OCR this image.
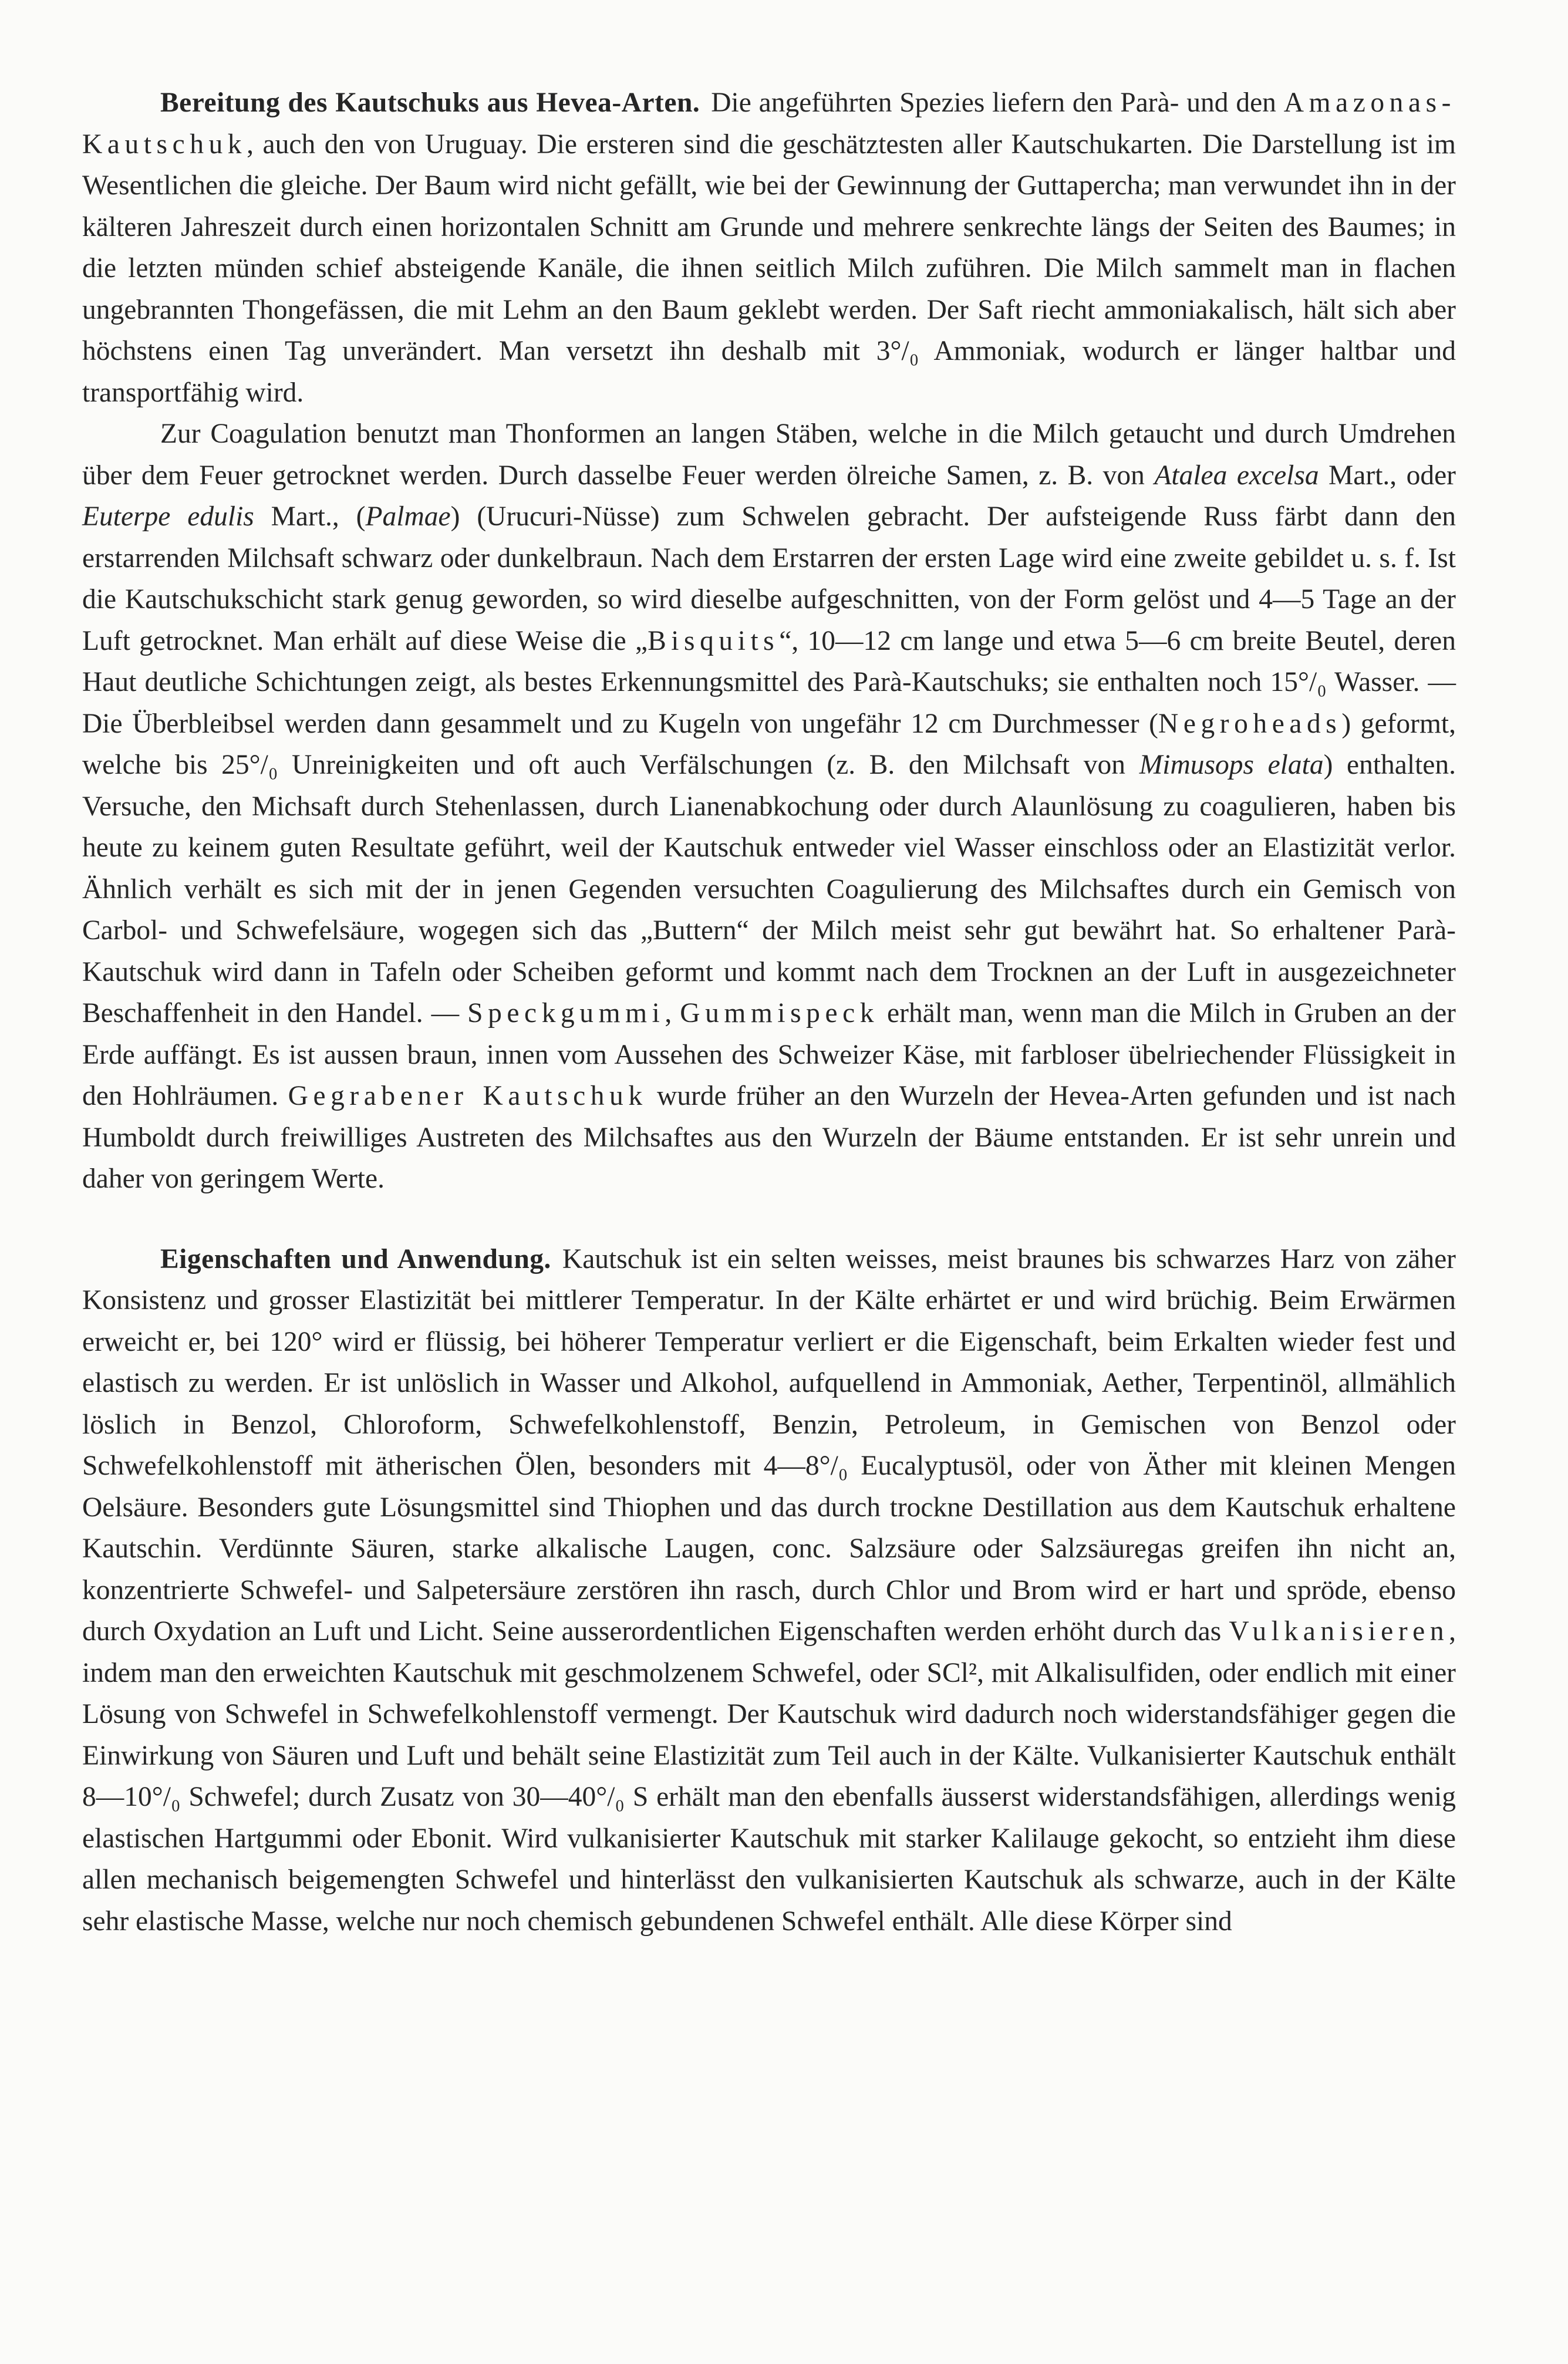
Bereitung des Kautschuks aus Hevea-Arten. Die angeführten Spezies liefern den Parà- und den Amazonas-Kautschuk, auch den von Uruguay. Die ersteren sind die geschätztesten aller Kautschukarten. Die Darstellung ist im Wesentlichen die gleiche. Der Baum wird nicht gefällt, wie bei der Gewinnung der Guttapercha; man verwundet ihn in der kälteren Jahreszeit durch einen horizontalen Schnitt am Grunde und mehrere senkrechte längs der Seiten des Baumes; in die letzten münden schief absteigende Kanäle, die ihnen seitlich Milch zuführen. Die Milch sammelt man in flachen ungebrannten Thongefässen, die mit Lehm an den Baum geklebt werden. Der Saft riecht ammoniakalisch, hält sich aber höchstens einen Tag unverändert. Man versetzt ihn deshalb mit 3°/₀ Ammoniak, wodurch er länger haltbar und transportfähig wird.

Zur Coagulation benutzt man Thonformen an langen Stäben, welche in die Milch getaucht und durch Umdrehen über dem Feuer getrocknet werden. Durch dasselbe Feuer werden ölreiche Samen, z. B. von Atalea excelsa Mart., oder Euterpe edulis Mart., (Palmae) (Urucuri-Nüsse) zum Schwelen gebracht. Der aufsteigende Russ färbt dann den erstarrenden Milchsaft schwarz oder dunkelbraun. Nach dem Erstarren der ersten Lage wird eine zweite gebildet u. s. f. Ist die Kautschukschicht stark genug geworden, so wird dieselbe aufgeschnitten, von der Form gelöst und 4—5 Tage an der Luft getrocknet. Man erhält auf diese Weise die „Bisquits“, 10—12 cm lange und etwa 5—6 cm breite Beutel, deren Haut deutliche Schichtungen zeigt, als bestes Erkennungsmittel des Parà-Kautschuks; sie enthalten noch 15°/₀ Wasser. — Die Überbleibsel werden dann gesammelt und zu Kugeln von ungefähr 12 cm Durchmesser (Negroheads) geformt, welche bis 25°/₀ Unreinigkeiten und oft auch Verfälschungen (z. B. den Milchsaft von Mimusops elata) enthalten. Versuche, den Michsaft durch Stehenlassen, durch Lianenabkochung oder durch Alaunlösung zu coagulieren, haben bis heute zu keinem guten Resultate geführt, weil der Kautschuk entweder viel Wasser einschloss oder an Elastizität verlor. Ähnlich verhält es sich mit der in jenen Gegenden versuchten Coagulierung des Milchsaftes durch ein Gemisch von Carbol- und Schwefelsäure, wogegen sich das „Buttern“ der Milch meist sehr gut bewährt hat. So erhaltener Parà-Kautschuk wird dann in Tafeln oder Scheiben geformt und kommt nach dem Trocknen an der Luft in ausgezeichneter Beschaffenheit in den Handel. — Speckgummi, Gummispeck erhält man, wenn man die Milch in Gruben an der Erde auffängt. Es ist aussen braun, innen vom Aussehen des Schweizer Käse, mit farbloser übelriechender Flüssigkeit in den Hohlräumen. Gegrabener Kautschuk wurde früher an den Wurzeln der Hevea-Arten gefunden und ist nach Humboldt durch freiwilliges Austreten des Milchsaftes aus den Wurzeln der Bäume entstanden. Er ist sehr unrein und daher von geringem Werte.

Eigenschaften und Anwendung. Kautschuk ist ein selten weisses, meist braunes bis schwarzes Harz von zäher Konsistenz und grosser Elastizität bei mittlerer Temperatur. In der Kälte erhärtet er und wird brüchig. Beim Erwärmen erweicht er, bei 120° wird er flüssig, bei höherer Temperatur verliert er die Eigenschaft, beim Erkalten wieder fest und elastisch zu werden. Er ist unlöslich in Wasser und Alkohol, aufquellend in Ammoniak, Aether, Terpentinöl, allmählich löslich in Benzol, Chloroform, Schwefelkohlenstoff, Benzin, Petroleum, in Gemischen von Benzol oder Schwefelkohlenstoff mit ätherischen Ölen, besonders mit 4—8°/₀ Eucalyptusöl, oder von Äther mit kleinen Mengen Oelsäure. Besonders gute Lösungsmittel sind Thiophen und das durch trockne Destillation aus dem Kautschuk erhaltene Kautschin. Verdünnte Säuren, starke alkalische Laugen, conc. Salzsäure oder Salzsäuregas greifen ihn nicht an, konzentrierte Schwefel- und Salpetersäure zerstören ihn rasch, durch Chlor und Brom wird er hart und spröde, ebenso durch Oxydation an Luft und Licht. Seine ausserordentlichen Eigenschaften werden erhöht durch das Vulkanisieren, indem man den erweichten Kautschuk mit geschmolzenem Schwefel, oder SCl², mit Alkalisulfiden, oder endlich mit einer Lösung von Schwefel in Schwefelkohlenstoff vermengt. Der Kautschuk wird dadurch noch widerstandsfähiger gegen die Einwirkung von Säuren und Luft und behält seine Elastizität zum Teil auch in der Kälte. Vulkanisierter Kautschuk enthält 8—10°/₀ Schwefel; durch Zusatz von 30—40°/₀ S erhält man den ebenfalls äusserst widerstandsfähigen, allerdings wenig elastischen Hartgummi oder Ebonit. Wird vulkanisierter Kautschuk mit starker Kalilauge gekocht, so entzieht ihm diese allen mechanisch beigemengten Schwefel und hinterlässt den vulkanisierten Kautschuk als schwarze, auch in der Kälte sehr elastische Masse, welche nur noch chemisch gebundenen Schwefel enthält. Alle diese Körper sind
